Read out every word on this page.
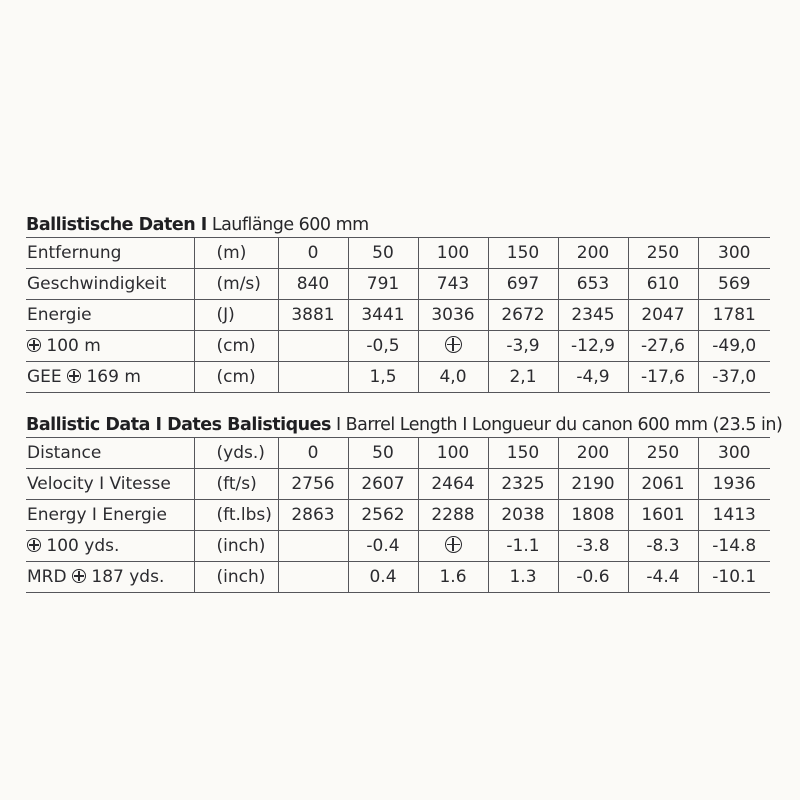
Ballistische Daten I Lauflänge 600 mm
Entfernung	(m)	0	50	100	150	200	250	300
Geschwindigkeit	(m/s)	840	791	743	697	653	610	569
Energie	(J)	3881	3441	3036	2672	2345	2047	1781
100 m	(cm)		-0,5		-3,9	-12,9	-27,6	-49,0
GEE  169 m	(cm)		1,5	4,0	2,1	-4,9	-17,6	-37,0
Ballistic Data I Dates Balistiques I Barrel Length I Longueur du canon 600 mm (23.5 in)
Distance	(yds.)	0	50	100	150	200	250	300
Velocity I Vitesse	(ft/s)	2756	2607	2464	2325	2190	2061	1936
Energy I Energie	(ft.lbs)	2863	2562	2288	2038	1808	1601	1413
100 yds.	(inch)		-0.4		-1.1	-3.8	-8.3	-14.8
MRD  187 yds.	(inch)		0.4	1.6	1.3	-0.6	-4.4	-10.1
